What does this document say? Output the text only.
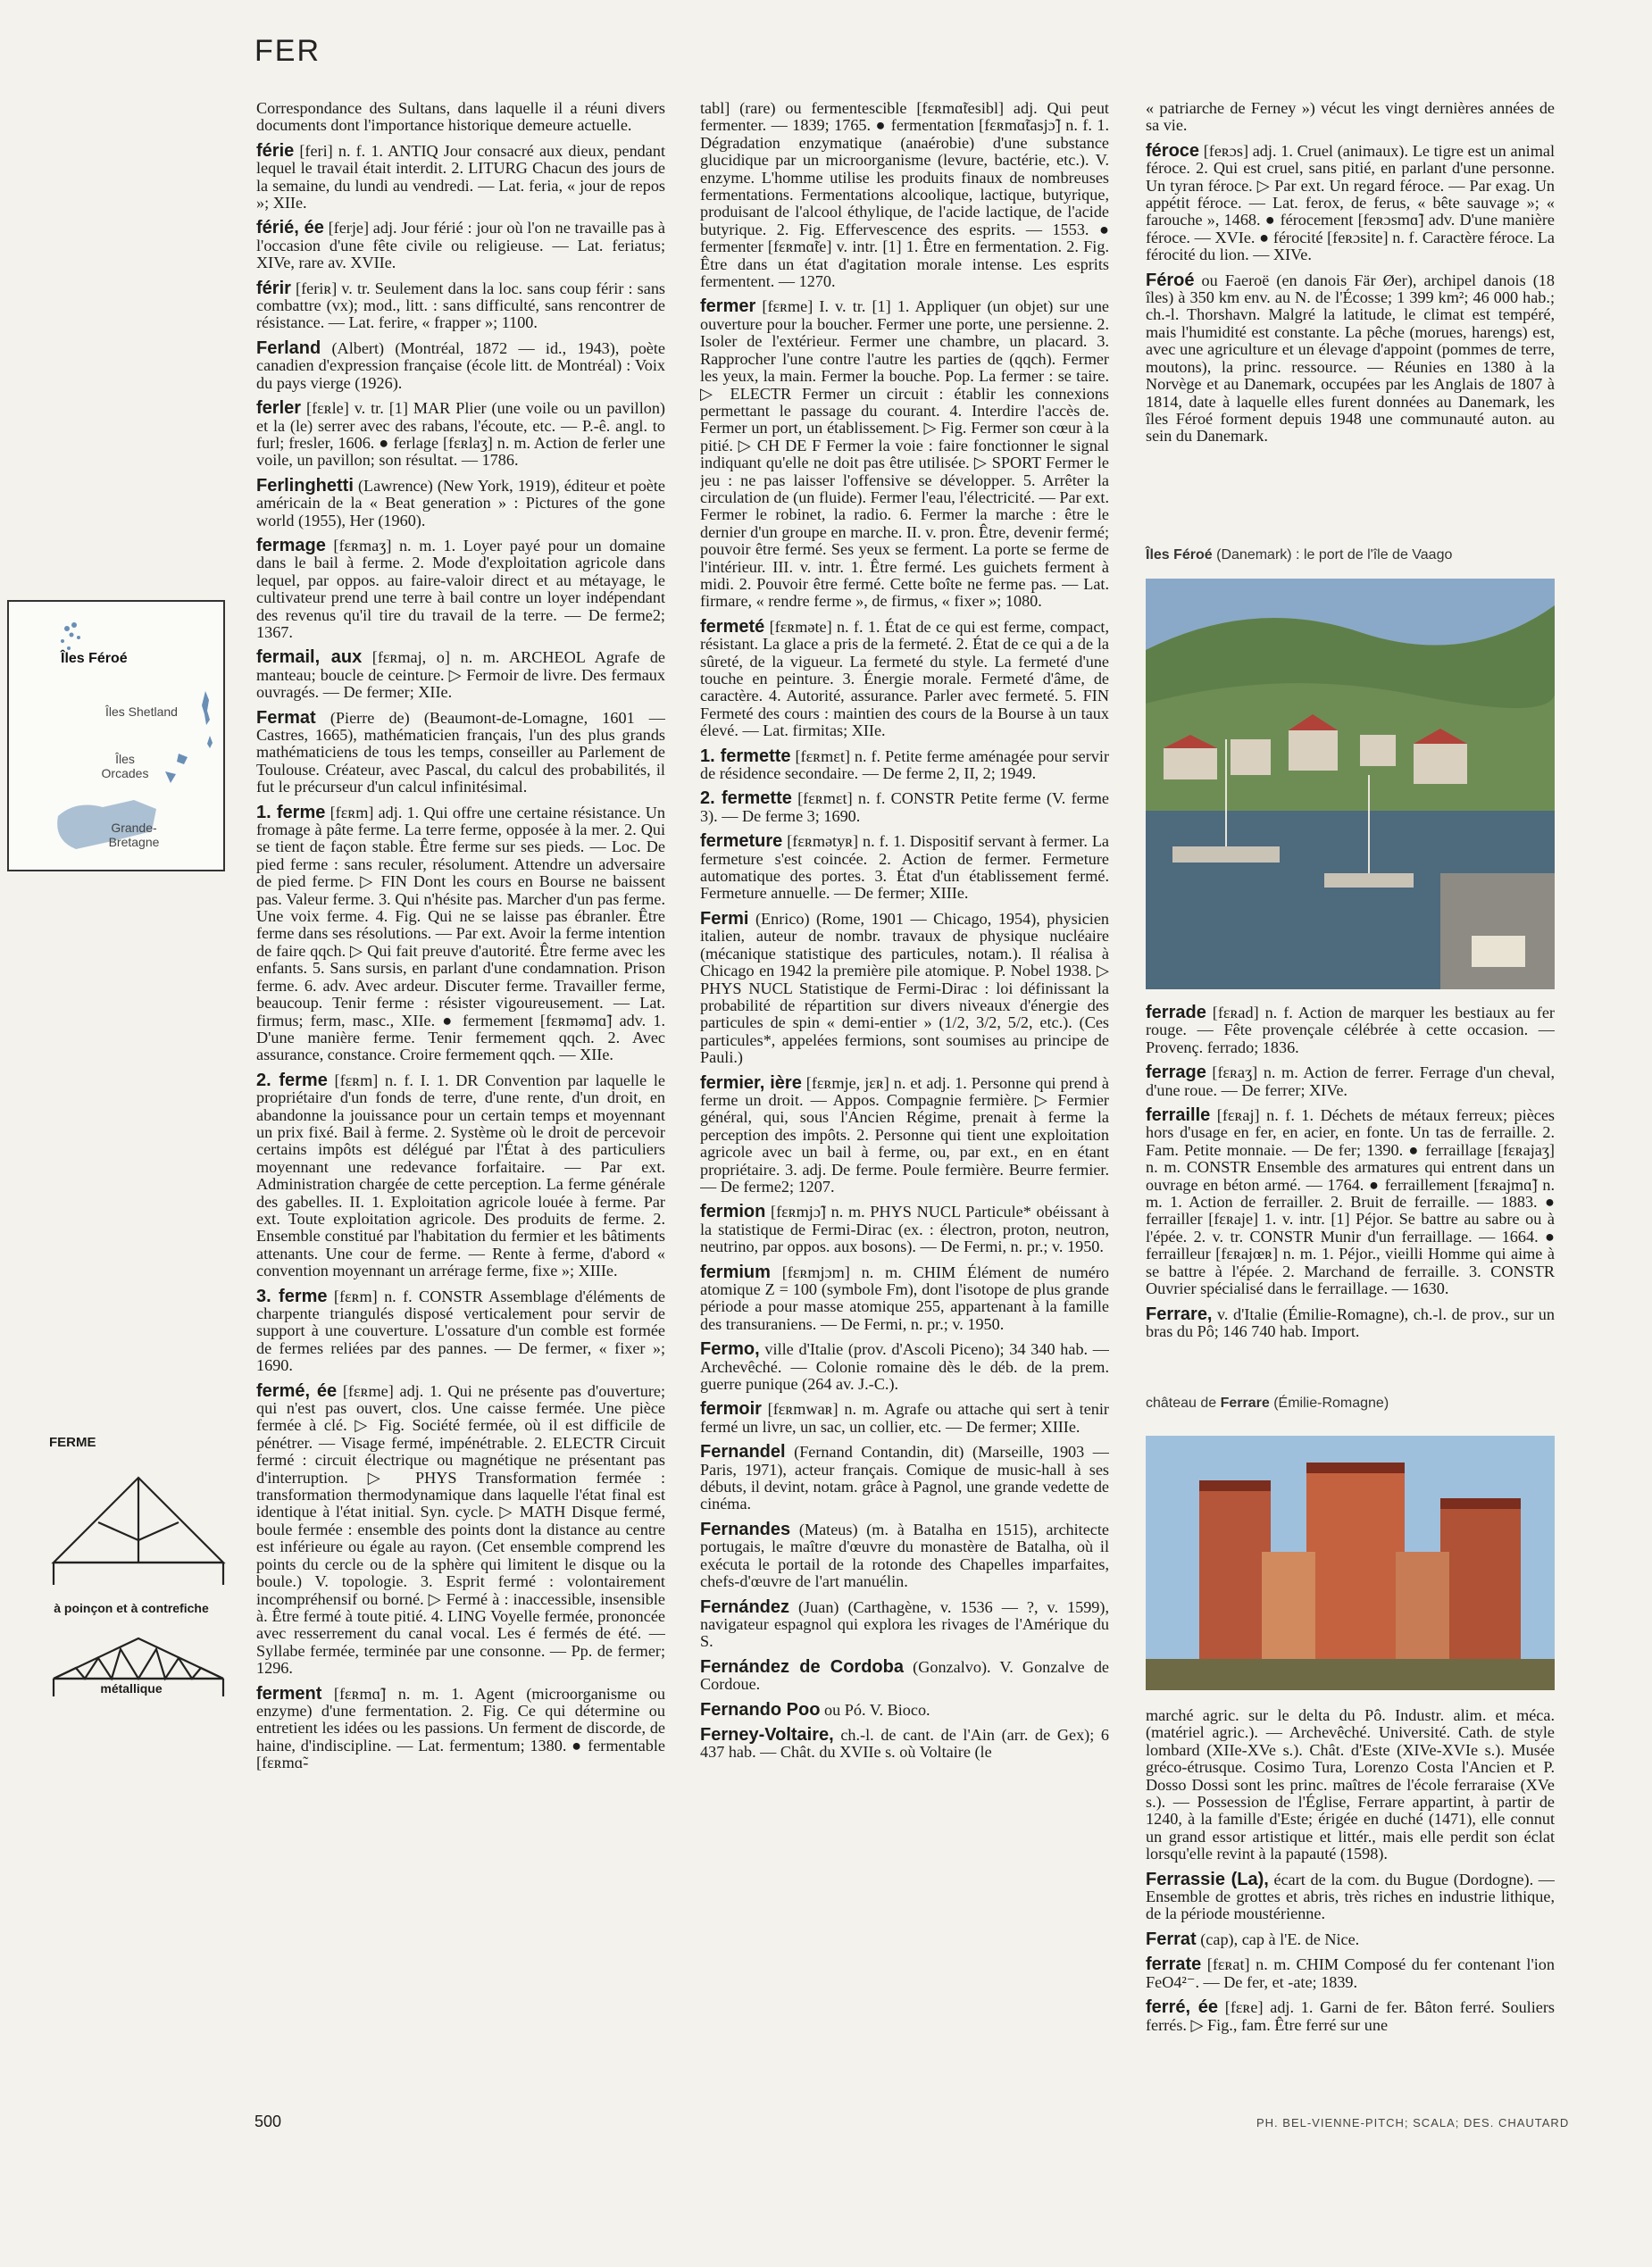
FER
Îles Féroé
Îles Shetland
Îles Orcades
Grande-Bretagne
FERME
à poinçon et à contrefiche
métallique

Correspondance des Sultans, dans laquelle il a réuni divers documents dont l'importance historique demeure actuelle.

férie [feri] n. f. 1. ANTIQ Jour consacré aux dieux, pendant lequel le travail était interdit. 2. LITURG Chacun des jours de la semaine, du lundi au vendredi. — Lat. feria, « jour de repos »; XIIe.

férié, ée [ferje] adj. Jour férié : jour où l'on ne travaille pas à l'occasion d'une fête civile ou religieuse. — Lat. feriatus; XIVe, rare av. XVIIe.

férir [feriʀ] v. tr. Seulement dans la loc. sans coup férir : sans combattre (vx); mod., litt. : sans difficulté, sans rencontrer de résistance. — Lat. ferire, « frapper »; 1100.

Ferland (Albert) (Montréal, 1872 — id., 1943), poète canadien d'expression française (école litt. de Montréal) : Voix du pays vierge (1926).

ferler [fɛʀle] v. tr. [1] MAR Plier (une voile ou un pavillon) et la (le) serrer avec des rabans, l'écoute, etc. — P.-ê. angl. to furl; fresler, 1606. ● ferlage [fɛʀlaʒ] n. m. Action de ferler une voile, un pavillon; son résultat. — 1786.

Ferlinghetti (Lawrence) (New York, 1919), éditeur et poète américain de la « Beat generation » : Pictures of the gone world (1955), Her (1960).

fermage [fɛʀmaʒ] n. m. 1. Loyer payé pour un domaine dans le bail à ferme. 2. Mode d'exploitation agricole dans lequel, par oppos. au faire-valoir direct et au métayage, le cultivateur prend une terre à bail contre un loyer indépendant des revenus qu'il tire du travail de la terre. — De ferme2; 1367.

fermail, aux [fɛʀmaj, o] n. m. ARCHEOL Agrafe de manteau; boucle de ceinture. ▷ Fermoir de livre. Des fermaux ouvragés. — De fermer; XIIe.

Fermat (Pierre de) (Beaumont-de-Lomagne, 1601 — Castres, 1665), mathématicien français, l'un des plus grands mathématiciens de tous les temps, conseiller au Parlement de Toulouse. Créateur, avec Pascal, du calcul des probabilités, il fut le précurseur d'un calcul infinitésimal.

1. ferme [fɛʀm] adj. 1. Qui offre une certaine résistance. Un fromage à pâte ferme. La terre ferme, opposée à la mer. 2. Qui se tient de façon stable. Être ferme sur ses pieds. — Loc. De pied ferme : sans reculer, résolument. Attendre un adversaire de pied ferme. ▷ FIN Dont les cours en Bourse ne baissent pas. Valeur ferme. 3. Qui n'hésite pas. Marcher d'un pas ferme. Une voix ferme. 4. Fig. Qui ne se laisse pas ébranler. Être ferme dans ses résolutions. — Par ext. Avoir la ferme intention de faire qqch. ▷ Qui fait preuve d'autorité. Être ferme avec les enfants. 5. Sans sursis, en parlant d'une condamnation. Prison ferme. 6. adv. Avec ardeur. Discuter ferme. Travailler ferme, beaucoup. Tenir ferme : résister vigoureusement. — Lat. firmus; ferm, masc., XIIe. ● fermement [fɛʀməmɑ̃] adv. 1. D'une manière ferme. Tenir fermement qqch. 2. Avec assurance, constance. Croire fermement qqch. — XIIe.

2. ferme [fɛʀm] n. f. I. 1. DR Convention par laquelle le propriétaire d'un fonds de terre, d'une rente, d'un droit, en abandonne la jouissance pour un certain temps et moyennant un prix fixé. Bail à ferme. 2. Système où le droit de percevoir certains impôts est délégué par l'État à des particuliers moyennant une redevance forfaitaire. — Par ext. Administration chargée de cette perception. La ferme générale des gabelles. II. 1. Exploitation agricole louée à ferme. Par ext. Toute exploitation agricole. Des produits de ferme. 2. Ensemble constitué par l'habitation du fermier et les bâtiments attenants. Une cour de ferme. — Rente à ferme, d'abord « convention moyennant un arrérage ferme, fixe »; XIIIe.

3. ferme [fɛʀm] n. f. CONSTR Assemblage d'éléments de charpente triangulés disposé verticalement pour servir de support à une couverture. L'ossature d'un comble est formée de fermes reliées par des pannes. — De fermer, « fixer »; 1690.

fermé, ée [fɛʀme] adj. 1. Qui ne présente pas d'ouverture; qui n'est pas ouvert, clos. Une caisse fermée. Une pièce fermée à clé. ▷ Fig. Société fermée, où il est difficile de pénétrer. — Visage fermé, impénétrable. 2. ELECTR Circuit fermé : circuit électrique ou magnétique ne présentant pas d'interruption. ▷ PHYS Transformation fermée : transformation thermodynamique dans laquelle l'état final est identique à l'état initial. Syn. cycle. ▷ MATH Disque fermé, boule fermée : ensemble des points dont la distance au centre est inférieure ou égale au rayon. (Cet ensemble comprend les points du cercle ou de la sphère qui limitent le disque ou la boule.) V. topologie. 3. Esprit fermé : volontairement incompréhensif ou borné. ▷ Fermé à : inaccessible, insensible à. Être fermé à toute pitié. 4. LING Voyelle fermée, prononcée avec resserrement du canal vocal. Les é fermés de été. — Syllabe fermée, terminée par une consonne. — Pp. de fermer; 1296.

ferment [fɛʀmɑ̃] n. m. 1. Agent (microorganisme ou enzyme) d'une fermentation. 2. Fig. Ce qui détermine ou entretient les idées ou les passions. Un ferment de discorde, de haine, d'indiscipline. — Lat. fermentum; 1380. ● fermentable [fɛʀmɑ̃-

tabl] (rare) ou fermentescible [fɛʀmɑ̃tesibl] adj. Qui peut fermenter. — 1839; 1765. ● fermentation [fɛʀmɑ̃tasjɔ̃] n. f. 1. Dégradation enzymatique (anaérobie) d'une substance glucidique par un microorganisme (levure, bactérie, etc.). V. enzyme. L'homme utilise les produits finaux de nombreuses fermentations. Fermentations alcoolique, lactique, butyrique, produisant de l'alcool éthylique, de l'acide lactique, de l'acide butyrique. 2. Fig. Effervescence des esprits. — 1553. ● fermenter [fɛʀmɑ̃te] v. intr. [1] 1. Être en fermentation. 2. Fig. Être dans un état d'agitation morale intense. Les esprits fermentent. — 1270.

fermer [fɛʀme] I. v. tr. [1] 1. Appliquer (un objet) sur une ouverture pour la boucher. Fermer une porte, une persienne. 2. Isoler de l'extérieur. Fermer une chambre, un placard. 3. Rapprocher l'une contre l'autre les parties de (qqch). Fermer les yeux, la main. Fermer la bouche. Pop. La fermer : se taire. ▷ ELECTR Fermer un circuit : établir les connexions permettant le passage du courant. 4. Interdire l'accès de. Fermer un port, un établissement. ▷ Fig. Fermer son cœur à la pitié. ▷ CH DE F Fermer la voie : faire fonctionner le signal indiquant qu'elle ne doit pas être utilisée. ▷ SPORT Fermer le jeu : ne pas laisser l'offensive se développer. 5. Arrêter la circulation de (un fluide). Fermer l'eau, l'électricité. — Par ext. Fermer le robinet, la radio. 6. Fermer la marche : être le dernier d'un groupe en marche. II. v. pron. Être, devenir fermé; pouvoir être fermé. Ses yeux se ferment. La porte se ferme de l'intérieur. III. v. intr. 1. Être fermé. Les guichets ferment à midi. 2. Pouvoir être fermé. Cette boîte ne ferme pas. — Lat. firmare, « rendre ferme », de firmus, « fixer »; 1080.

fermeté [fɛʀməte] n. f. 1. État de ce qui est ferme, compact, résistant. La glace a pris de la fermeté. 2. État de ce qui a de la sûreté, de la vigueur. La fermeté du style. La fermeté d'une touche en peinture. 3. Énergie morale. Fermeté d'âme, de caractère. 4. Autorité, assurance. Parler avec fermeté. 5. FIN Fermeté des cours : maintien des cours de la Bourse à un taux élevé. — Lat. firmitas; XIIe.

1. fermette [fɛʀmɛt] n. f. Petite ferme aménagée pour servir de résidence secondaire. — De ferme 2, II, 2; 1949.

2. fermette [fɛʀmɛt] n. f. CONSTR Petite ferme (V. ferme 3). — De ferme 3; 1690.

fermeture [fɛʀmətyʀ] n. f. 1. Dispositif servant à fermer. La fermeture s'est coincée. 2. Action de fermer. Fermeture automatique des portes. 3. État d'un établissement fermé. Fermeture annuelle. — De fermer; XIIIe.

Fermi (Enrico) (Rome, 1901 — Chicago, 1954), physicien italien, auteur de nombr. travaux de physique nucléaire (mécanique statistique des particules, notam.). Il réalisa à Chicago en 1942 la première pile atomique. P. Nobel 1938. ▷ PHYS NUCL Statistique de Fermi-Dirac : loi définissant la probabilité de répartition sur divers niveaux d'énergie des particules de spin « demi-entier » (1/2, 3/2, 5/2, etc.). (Ces particules*, appelées fermions, sont soumises au principe de Pauli.)

fermier, ière [fɛʀmje, jɛʀ] n. et adj. 1. Personne qui prend à ferme un droit. — Appos. Compagnie fermière. ▷ Fermier général, qui, sous l'Ancien Régime, prenait à ferme la perception des impôts. 2. Personne qui tient une exploitation agricole avec un bail à ferme, ou, par ext., en en étant propriétaire. 3. adj. De ferme. Poule fermière. Beurre fermier. — De ferme2; 1207.

fermion [fɛʀmjɔ̃] n. m. PHYS NUCL Particule* obéissant à la statistique de Fermi-Dirac (ex. : électron, proton, neutron, neutrino, par oppos. aux bosons). — De Fermi, n. pr.; v. 1950.

fermium [fɛʀmjɔm] n. m. CHIM Élément de numéro atomique Z = 100 (symbole Fm), dont l'isotope de plus grande période a pour masse atomique 255, appartenant à la famille des transuraniens. — De Fermi, n. pr.; v. 1950.

Fermo, ville d'Italie (prov. d'Ascoli Piceno); 34 340 hab. — Archevêché. — Colonie romaine dès le déb. de la prem. guerre punique (264 av. J.-C.).

fermoir [fɛʀmwaʀ] n. m. Agrafe ou attache qui sert à tenir fermé un livre, un sac, un collier, etc. — De fermer; XIIIe.

Fernandel (Fernand Contandin, dit) (Marseille, 1903 — Paris, 1971), acteur français. Comique de music-hall à ses débuts, il devint, notam. grâce à Pagnol, une grande vedette de cinéma.

Fernandes (Mateus) (m. à Batalha en 1515), architecte portugais, le maître d'œuvre du monastère de Batalha, où il exécuta le portail de la rotonde des Chapelles imparfaites, chefs-d'œuvre de l'art manuélin.

Fernández (Juan) (Carthagène, v. 1536 — ?, v. 1599), navigateur espagnol qui explora les rivages de l'Amérique du S.

Fernández de Cordoba (Gonzalvo). V. Gonzalve de Cordoue.

Fernando Poo ou Pó. V. Bioco.

Ferney-Voltaire, ch.-l. de cant. de l'Ain (arr. de Gex); 6 437 hab. — Chât. du XVIIe s. où Voltaire (le

« patriarche de Ferney ») vécut les vingt dernières années de sa vie.

féroce [feʀɔs] adj. 1. Cruel (animaux). Le tigre est un animal féroce. 2. Qui est cruel, sans pitié, en parlant d'une personne. Un tyran féroce. ▷ Par ext. Un regard féroce. — Par exag. Un appétit féroce. — Lat. ferox, de ferus, « bête sauvage »; « farouche », 1468. ● férocement [feʀɔsmɑ̃] adv. D'une manière féroce. — XVIe. ● férocité [feʀɔsite] n. f. Caractère féroce. La férocité du lion. — XIVe.

Féroé ou Faeroë (en danois Fär Øer), archipel danois (18 îles) à 350 km env. au N. de l'Écosse; 1 399 km²; 46 000 hab.; ch.-l. Thorshavn. Malgré la latitude, le climat est tempéré, mais l'humidité est constante. La pêche (morues, harengs) est, avec une agriculture et un élevage d'appoint (pommes de terre, moutons), la princ. ressource. — Réunies en 1380 à la Norvège et au Danemark, occupées par les Anglais de 1807 à 1814, date à laquelle elles furent données au Danemark, les îles Féroé forment depuis 1948 une communauté auton. au sein du Danemark.

Îles Féroé (Danemark) : le port de l'île de Vaago

ferrade [fɛʀad] n. f. Action de marquer les bestiaux au fer rouge. — Fête provençale célébrée à cette occasion. — Provenç. ferrado; 1836.

ferrage [fɛʀaʒ] n. m. Action de ferrer. Ferrage d'un cheval, d'une roue. — De ferrer; XIVe.

ferraille [fɛʀaj] n. f. 1. Déchets de métaux ferreux; pièces hors d'usage en fer, en acier, en fonte. Un tas de ferraille. 2. Fam. Petite monnaie. — De fer; 1390. ● ferraillage [fɛʀajaʒ] n. m. CONSTR Ensemble des armatures qui entrent dans un ouvrage en béton armé. — 1764. ● ferraillement [fɛʀajmɑ̃] n. m. 1. Action de ferrailler. 2. Bruit de ferraille. — 1883. ● ferrailler [fɛʀaje] 1. v. intr. [1] Péjor. Se battre au sabre ou à l'épée. 2. v. tr. CONSTR Munir d'un ferraillage. — 1664. ● ferrailleur [fɛʀajœʀ] n. m. 1. Péjor., vieilli Homme qui aime à se battre à l'épée. 2. Marchand de ferraille. 3. CONSTR Ouvrier spécialisé dans le ferraillage. — 1630.

Ferrare, v. d'Italie (Émilie-Romagne), ch.-l. de prov., sur un bras du Pô; 146 740 hab. Import.

château de Ferrare (Émilie-Romagne)

marché agric. sur le delta du Pô. Industr. alim. et méca. (matériel agric.). — Archevêché. Université. Cath. de style lombard (XIIe-XVe s.). Chât. d'Este (XIVe-XVIe s.). Musée gréco-étrusque. Cosimo Tura, Lorenzo Costa l'Ancien et P. Dosso Dossi sont les princ. maîtres de l'école ferraraise (XVe s.). — Possession de l'Église, Ferrare appartint, à partir de 1240, à la famille d'Este; érigée en duché (1471), elle connut un grand essor artistique et littér., mais elle perdit son éclat lorsqu'elle revint à la papauté (1598).

Ferrassie (La), écart de la com. du Bugue (Dordogne). — Ensemble de grottes et abris, très riches en industrie lithique, de la période moustérienne.

Ferrat (cap), cap à l'E. de Nice.

ferrate [fɛʀat] n. m. CHIM Composé du fer contenant l'ion FeO4²⁻. — De fer, et -ate; 1839.

ferré, ée [fɛʀe] adj. 1. Garni de fer. Bâton ferré. Souliers ferrés. ▷ Fig., fam. Être ferré sur une

500	PH. BEL-VIENNE-PITCH; SCALA; DES. CHAUTARD
